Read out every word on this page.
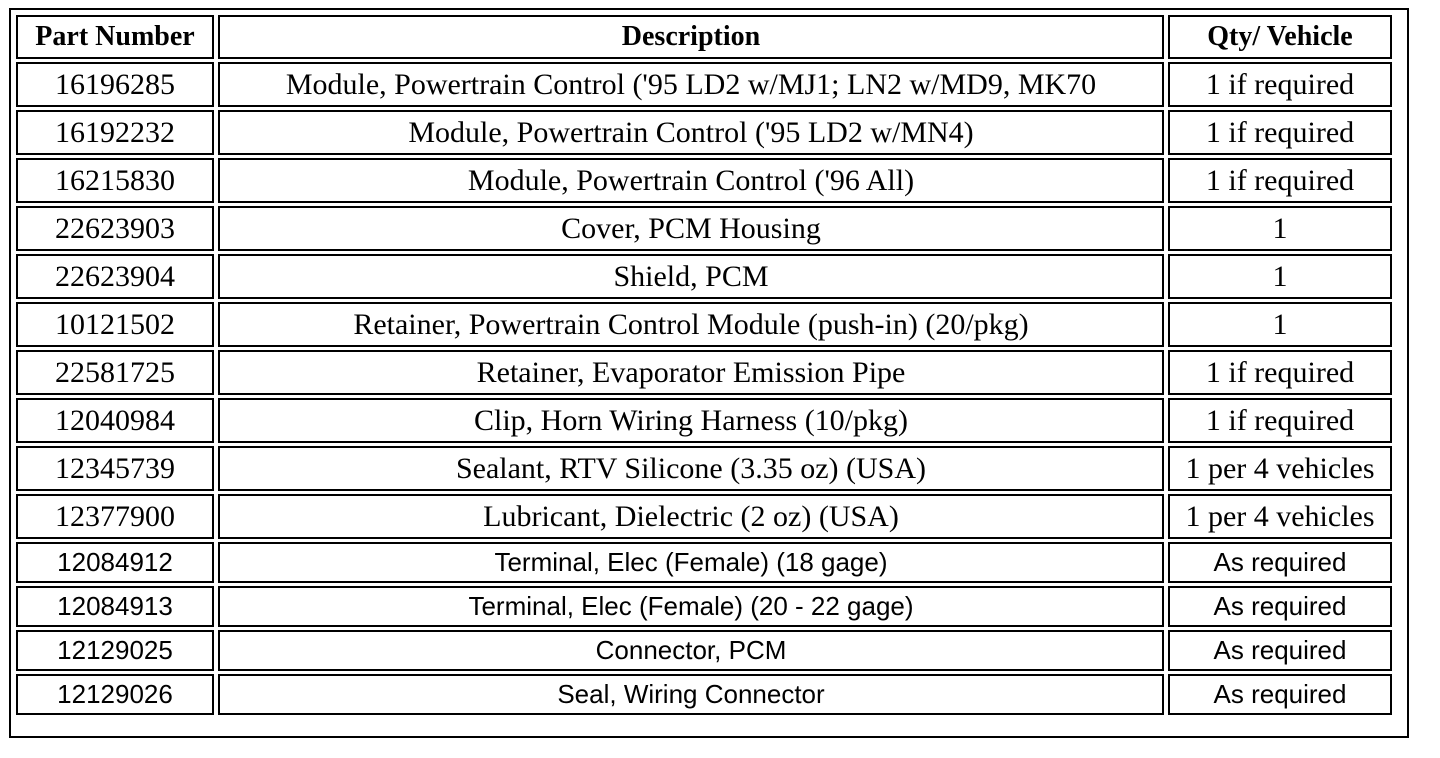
Part Number	Description	Qty/ Vehicle
16196285	Module, Powertrain Control ('95 LD2 w/MJ1; LN2 w/MD9, MK70	1 if required
16192232	Module, Powertrain Control ('95 LD2 w/MN4)	1 if required
16215830	Module, Powertrain Control ('96 All)	1 if required
22623903	Cover, PCM Housing	1
22623904	Shield, PCM	1
10121502	Retainer, Powertrain Control Module (push-in) (20/pkg)	1
22581725	Retainer, Evaporator Emission Pipe	1 if required
12040984	Clip, Horn Wiring Harness (10/pkg)	1 if required
12345739	Sealant, RTV Silicone (3.35 oz) (USA)	1 per 4 vehicles
12377900	Lubricant, Dielectric (2 oz) (USA)	1 per 4 vehicles
12084912	Terminal, Elec (Female) (18 gage)	As required
12084913	Terminal, Elec (Female) (20 - 22 gage)	As required
12129025	Connector, PCM	As required
12129026	Seal, Wiring Connector	As required
